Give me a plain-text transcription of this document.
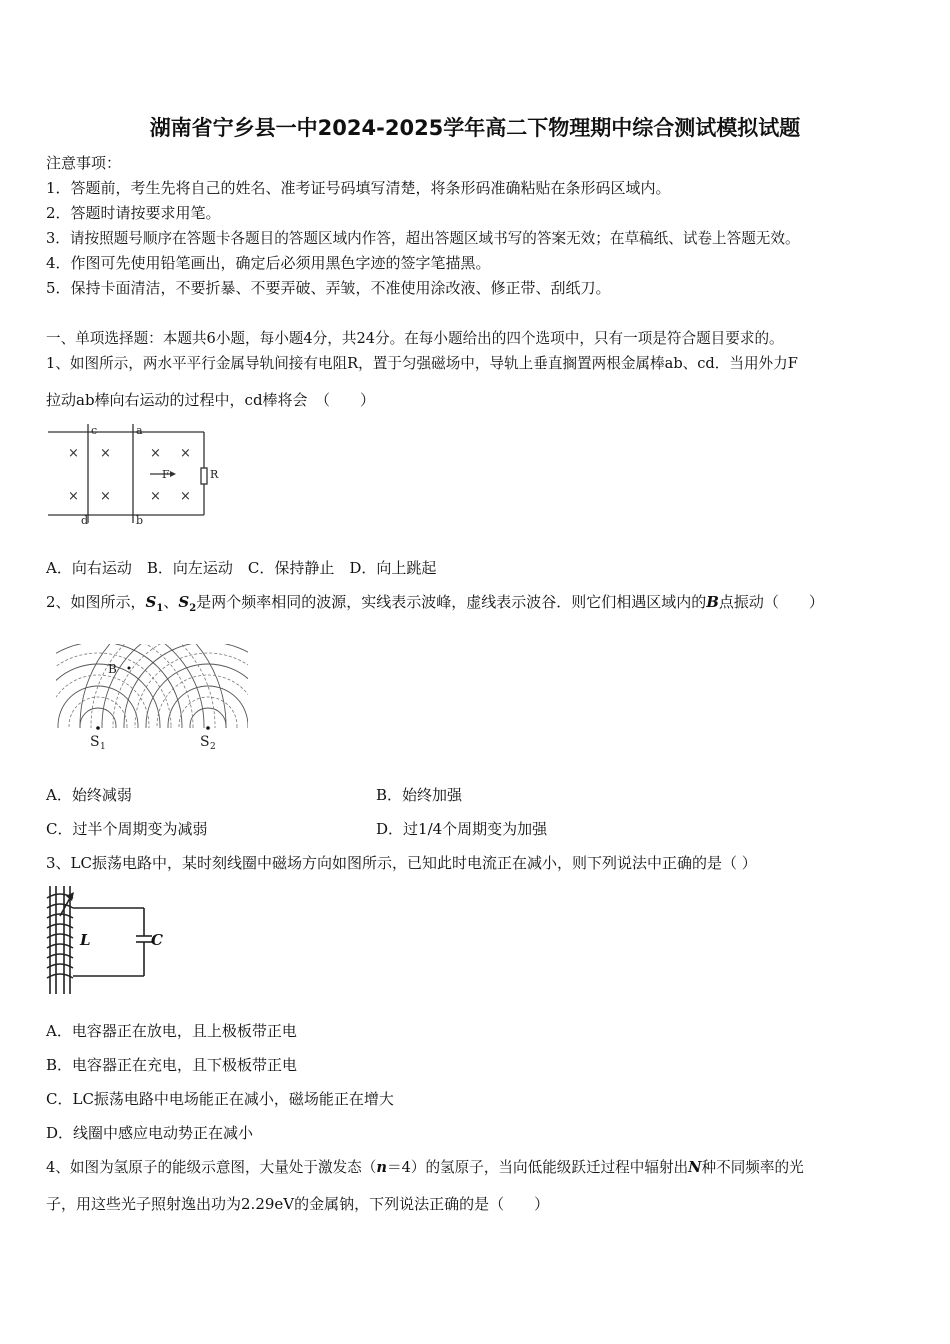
湖南省宁乡县一中2024-2025学年高二下物理期中综合测试模拟试题
注意事项：
1．答题前，考生先将自己的姓名、准考证号码填写清楚，将条形码准确粘贴在条形码区域内。
2．答题时请按要求用笔。
3．请按照题号顺序在答题卡各题目的答题区域内作答，超出答题区域书写的答案无效；在草稿纸、试卷上答题无效。
4．作图可先使用铅笔画出，确定后必须用黑色字迹的签字笔描黑。
5．保持卡面清洁，不要折暴、不要弄破、弄皱，不准使用涂改液、修正带、刮纸刀。
一、单项选择题：本题共6小题，每小题4分，共24分。在每小题给出的四个选项中，只有一项是符合题目要求的。
1、如图所示，两水平平行金属导轨间接有电阻R，置于匀强磁场中，导轨上垂直搁置两根金属棒ab、cd．当用外力F
拉动ab棒向右运动的过程中，cd棒将会　（　　）
× ×	× ×
× ×	× ×
c	a
d	b
F	R
A．向右运动　B．向左运动　C．保持静止　D．向上跳起
2、如图所示，$S_1$、$S_2$是两个频率相同的波源，实线表示波峰，虚线表示波谷．则它们相遇区域内的B点振动（　　）
B
S 1	S 2
A．始终减弱	B．始终加强
C．过半个周期变为减弱	D．过1/4个周期变为加强
3、LC振荡电路中，某时刻线圈中磁场方向如图所示，已知此时电流正在减小，则下列说法中正确的是（ ）
L	C
A．电容器正在放电，且上极板带正电
B．电容器正在充电，且下极板带正电
C．LC振荡电路中电场能正在减小，磁场能正在增大
D．线圈中感应电动势正在减小
4、如图为氢原子的能级示意图，大量处于激发态（n＝4）的氢原子，当向低能级跃迁过程中辐射出N种不同频率的光
子，用这些光子照射逸出功为2.29eV的金属钠，下列说法正确的是（　　）
